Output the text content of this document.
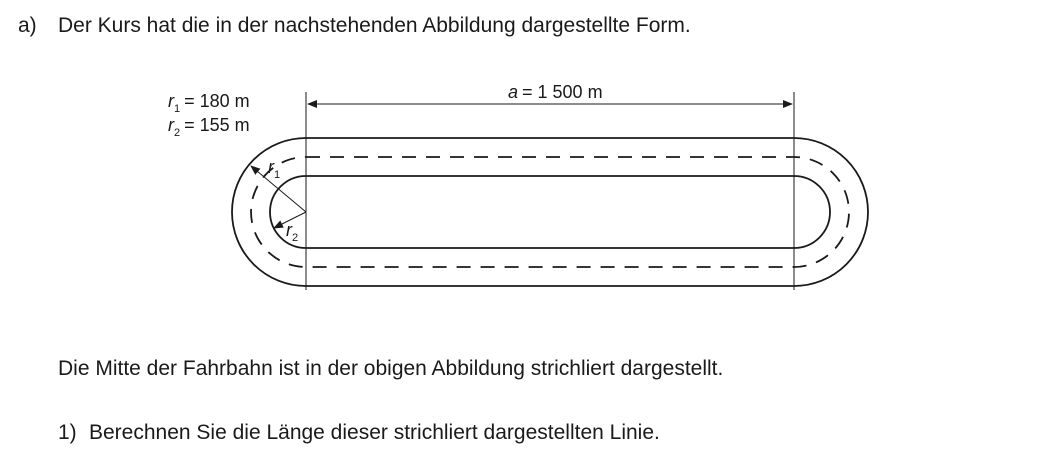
a) Der Kurs hat die in der nachstehenden Abbildung dargestellte Form.
$r_1 = 180$ m
$r_2 = 155$ m
a = 1 500 m
$r_1$
$r_2$
Die Mitte der Fahrbahn ist in der obigen Abbildung strichliert dargestellt.
1) Berechnen Sie die Länge dieser strichliert dargestellten Linie.
